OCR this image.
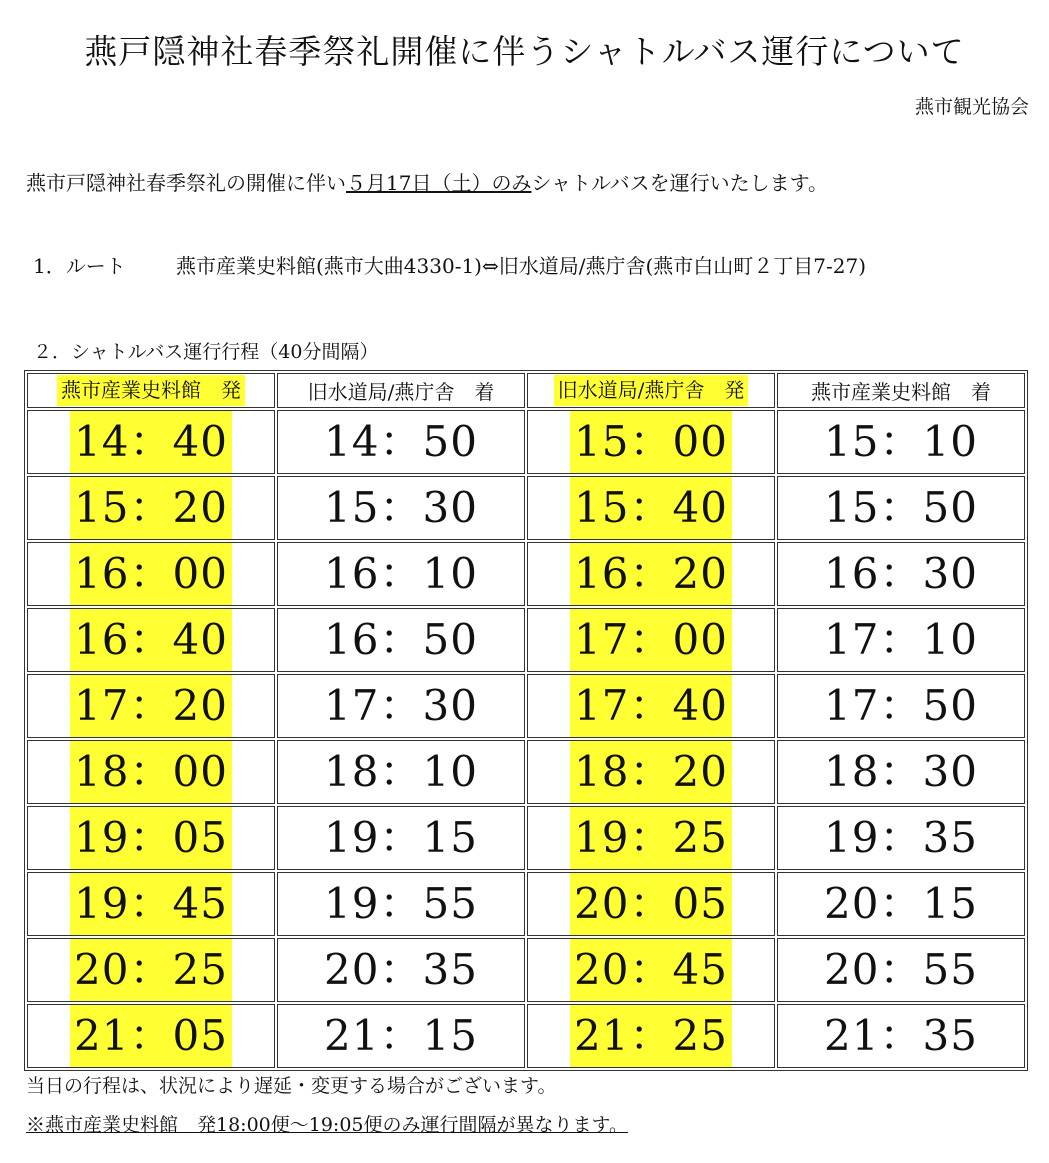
燕戸隠神社春季祭礼開催に伴うシャトルバス運行について
燕市観光協会
燕市戸隠神社春季祭礼の開催に伴い５月17日（土）のみシャトルバスを運行いたします。
1．ルート	燕市産業史料館(燕市大曲4330-1)⇔旧水道局/燕庁舎(燕市白山町２丁目7-27)
２．シャトルバス運行行程（40分間隔）
燕市産業史料館　発	旧水道局/燕庁舎　着	旧水道局/燕庁舎　発	燕市産業史料館　着
14：40	14：50	15：00	15：10
15：20	15：30	15：40	15：50
16：00	16：10	16：20	16：30
16：40	16：50	17：00	17：10
17：20	17：30	17：40	17：50
18：00	18：10	18：20	18：30
19：05	19：15	19：25	19：35
19：45	19：55	20：05	20：15
20：25	20：35	20：45	20：55
21：05	21：15	21：25	21：35
当日の行程は、状況により遅延・変更する場合がございます。
※燕市産業史料館　発18:00便～19:05便のみ運行間隔が異なります。
